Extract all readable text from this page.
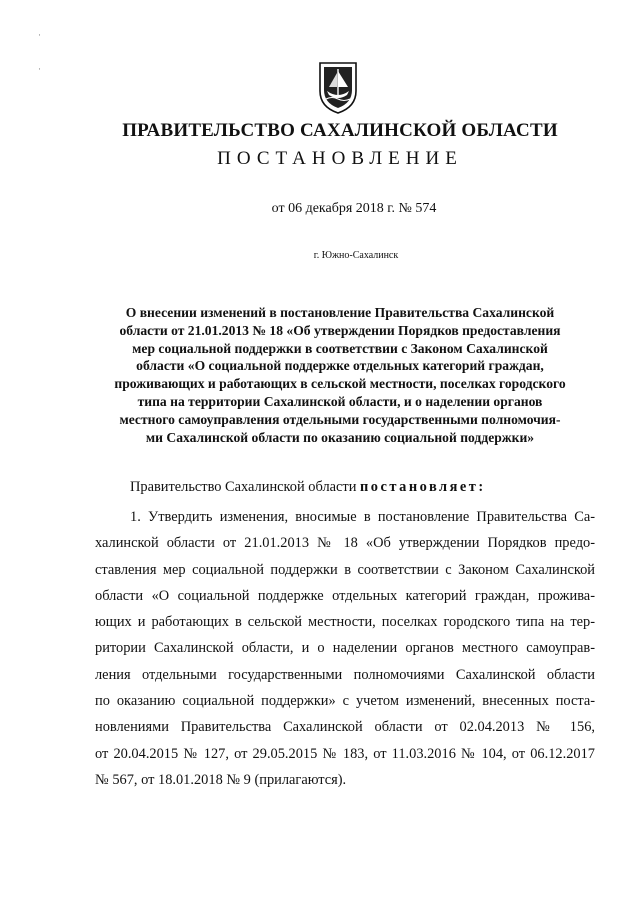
·
·
ПРАВИТЕЛЬСТВО САХАЛИНСКОЙ ОБЛАСТИ
ПОСТАНОВЛЕНИЕ
от 06 декабря 2018 г. № 574
г. Южно-Сахалинск
О внесении изменений в постановление Правительства Сахалинской
области от 21.01.2013 № 18 «Об утверждении Порядков предоставления
мер социальной поддержки в соответствии с Законом Сахалинской
области «О социальной поддержке отдельных категорий граждан,
проживающих и работающих в сельской местности, поселках городского
типа на территории Сахалинской области, и о наделении органов
местного самоуправления отдельными государственными полномочия-
ми Сахалинской области по оказанию социальной поддержки»
Правительство Сахалинской области постановляет:
1. Утвердить изменения, вносимые в постановление Правительства Са-
халинской области от 21.01.2013 № 18 «Об утверждении Порядков предо-
ставления мер социальной поддержки в соответствии с Законом Сахалинской
области «О социальной поддержке отдельных категорий граждан, прожива-
ющих и работающих в сельской местности, поселках городского типа на тер-
ритории Сахалинской области, и о наделении органов местного самоуправ-
ления отдельными государственными полномочиями Сахалинской области
по оказанию социальной поддержки» с учетом изменений, внесенных поста-
новлениями Правительства Сахалинской области от 02.04.2013 № 156,
от 20.04.2015 № 127, от 29.05.2015 № 183, от 11.03.2016 № 104, от 06.12.2017
№ 567, от 18.01.2018 № 9 (прилагаются).
